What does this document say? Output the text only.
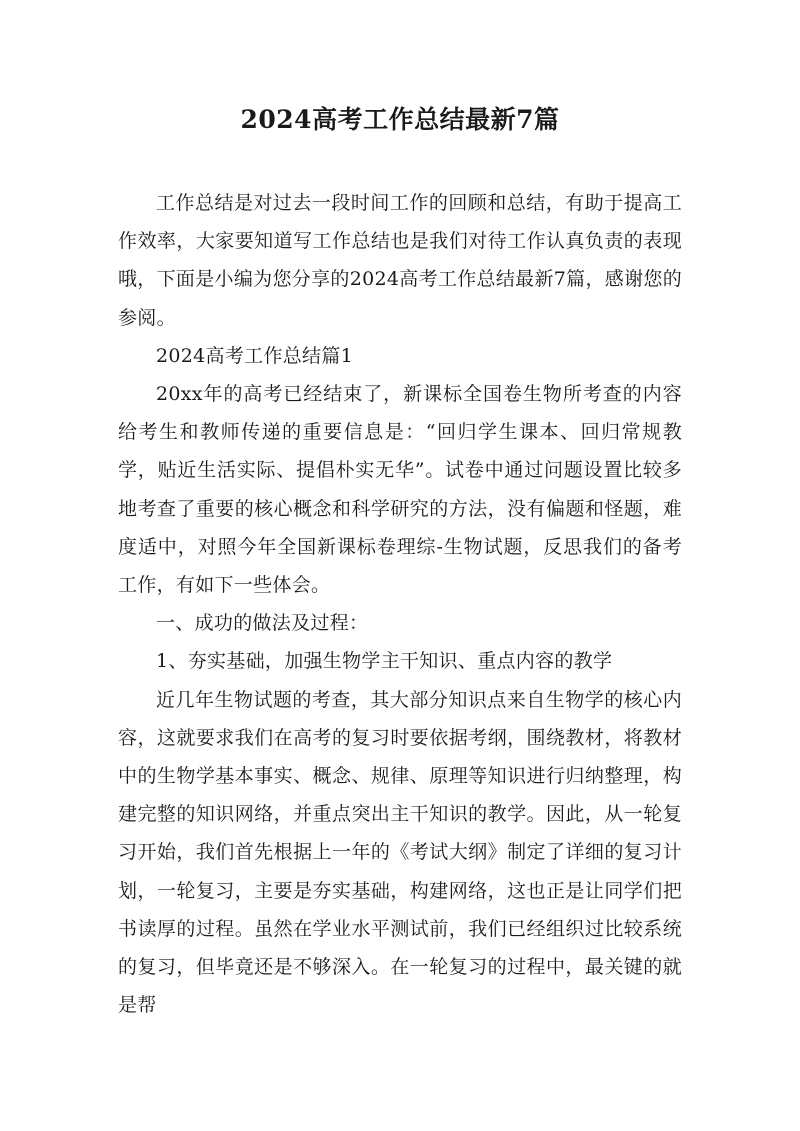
2024高考工作总结最新7篇

工作总结是对过去一段时间工作的回顾和总结，有助于提高工作效率，大家要知道写工作总结也是我们对待工作认真负责的表现哦，下面是小编为您分享的2024高考工作总结最新7篇，感谢您的参阅。

2024高考工作总结篇1

20xx年的高考已经结束了，新课标全国卷生物所考查的内容给考生和教师传递的重要信息是：“回归学生课本、回归常规教学，贴近生活实际、提倡朴实无华”。试卷中通过问题设置比较多地考查了重要的核心概念和科学研究的方法，没有偏题和怪题，难度适中，对照今年全国新课标卷理综-生物试题，反思我们的备考工作，有如下一些体会。

一、成功的做法及过程：

1、夯实基础，加强生物学主干知识、重点内容的教学

近几年生物试题的考查，其大部分知识点来自生物学的核心内容，这就要求我们在高考的复习时要依据考纲，围绕教材，将教材中的生物学基本事实、概念、规律、原理等知识进行归纳整理，构建完整的知识网络，并重点突出主干知识的教学。因此，从一轮复习开始，我们首先根据上一年的《考试大纲》制定了详细的复习计划，一轮复习，主要是夯实基础，构建网络，这也正是让同学们把书读厚的过程。虽然在学业水平测试前，我们已经组织过比较系统的复习，但毕竟还是不够深入。在一轮复习的过程中，最关键的就是帮
